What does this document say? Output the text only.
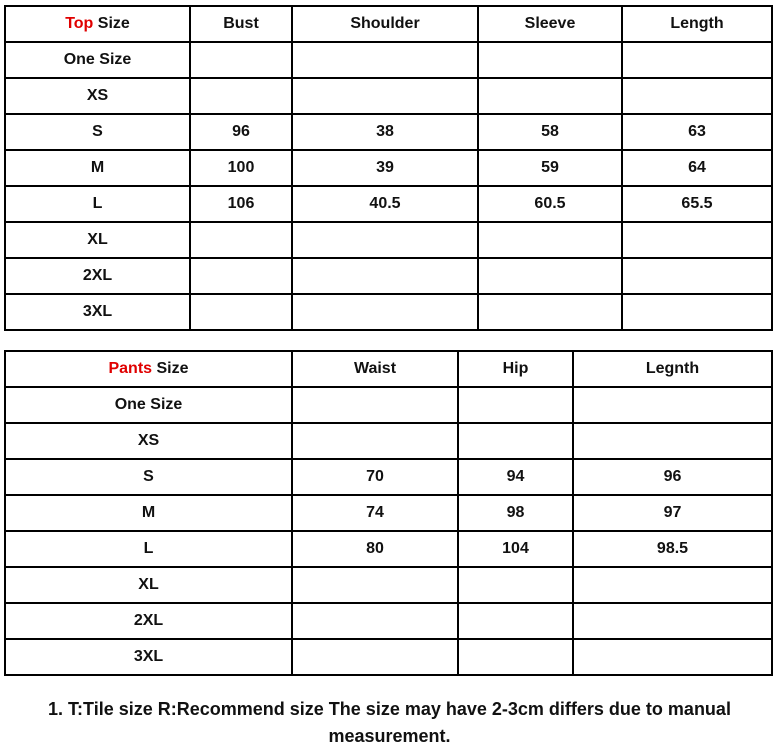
Top Size	Bust	Shoulder	Sleeve	Length
One Size				
XS				
S	96	38	58	63
M	100	39	59	64
L	106	40.5	60.5	65.5
XL				
2XL				
3XL				
Pants Size	Waist	Hip	Legnth
One Size			
XS			
S	70	94	96
M	74	98	97
L	80	104	98.5
XL			
2XL			
3XL			
1. T:Tile size R:Recommend size The size may have 2-3cm differs due to manual
measurement.
